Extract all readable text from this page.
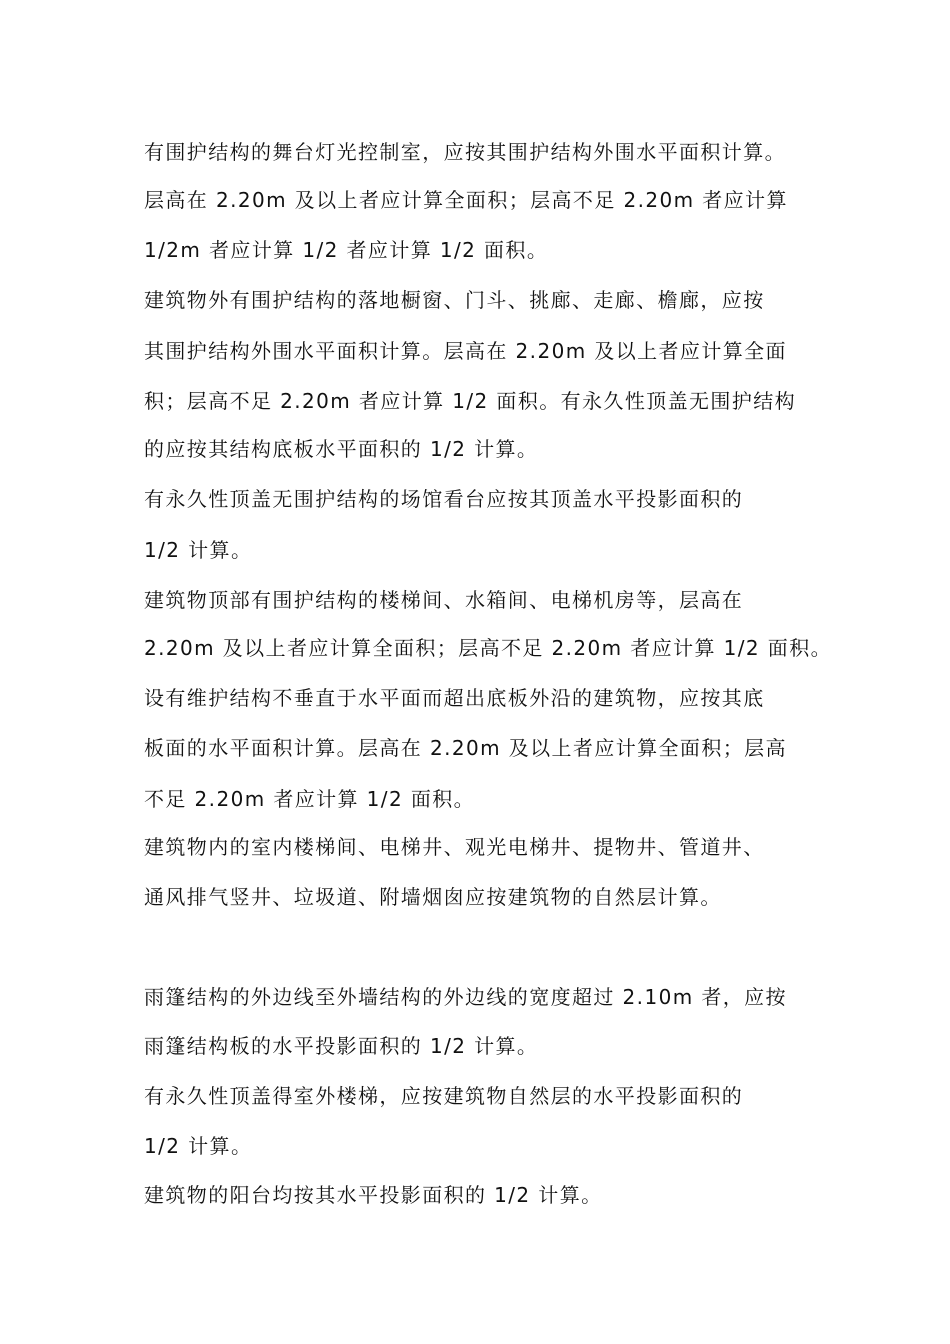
有围护结构的舞台灯光控制室，应按其围护结构外围水平面积计算。
层高在 2.20m 及以上者应计算全面积；层高不足 2.20m 者应计算
1/2m 者应计算 1/2 者应计算 1/2 面积。
建筑物外有围护结构的落地橱窗、门斗、挑廊、走廊、檐廊，应按
其围护结构外围水平面积计算。层高在 2.20m 及以上者应计算全面
积；层高不足 2.20m 者应计算 1/2 面积。有永久性顶盖无围护结构
的应按其结构底板水平面积的 1/2 计算。
有永久性顶盖无围护结构的场馆看台应按其顶盖水平投影面积的
1/2 计算。
建筑物顶部有围护结构的楼梯间、水箱间、电梯机房等，层高在
2.20m 及以上者应计算全面积；层高不足 2.20m 者应计算 1/2 面积。
设有维护结构不垂直于水平面而超出底板外沿的建筑物，应按其底
板面的水平面积计算。层高在 2.20m 及以上者应计算全面积；层高
不足 2.20m 者应计算 1/2 面积。
建筑物内的室内楼梯间、电梯井、观光电梯井、提物井、管道井、
通风排气竖井、垃圾道、附墙烟囱应按建筑物的自然层计算。
雨篷结构的外边线至外墙结构的外边线的宽度超过 2.10m 者，应按
雨篷结构板的水平投影面积的 1/2 计算。
有永久性顶盖得室外楼梯，应按建筑物自然层的水平投影面积的
1/2 计算。
建筑物的阳台均按其水平投影面积的 1/2 计算。
